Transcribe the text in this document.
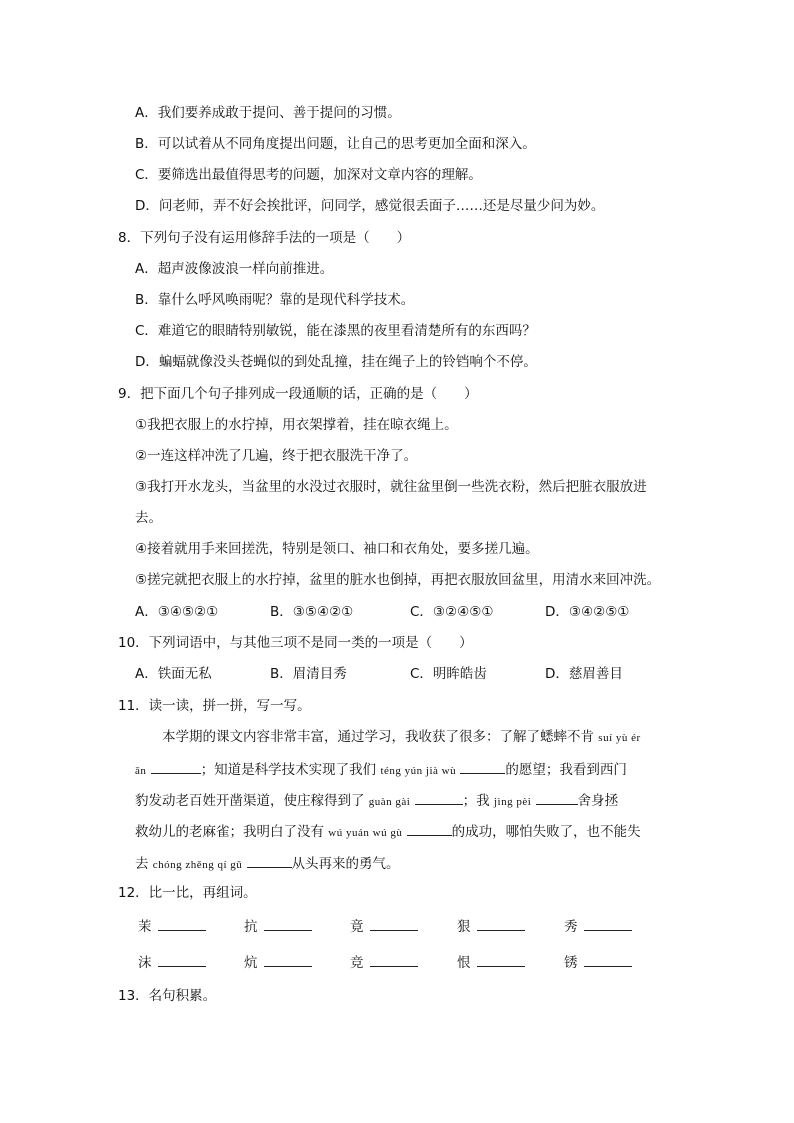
A．我们要养成敢于提问、善于提问的习惯。
B．可以试着从不同角度提出问题，让自己的思考更加全面和深入。
C．要筛选出最值得思考的问题，加深对文章内容的理解。
D．问老师，弄不好会挨批评，问同学，感觉很丢面子……还是尽量少问为妙。
8．下列句子没有运用修辞手法的一项是（　　）
A．超声波像波浪一样向前推进。
B．靠什么呼风唤雨呢？靠的是现代科学技术。
C．难道它的眼睛特别敏锐，能在漆黑的夜里看清楚所有的东西吗？
D．蝙蝠就像没头苍蝇似的到处乱撞，挂在绳子上的铃铛响个不停。
9．把下面几个句子排列成一段通顺的话，正确的是（　　）
①我把衣服上的水拧掉，用衣架撑着，挂在晾衣绳上。
②一连这样冲洗了几遍，终于把衣服洗干净了。
③我打开水龙头，当盆里的水没过衣服时，就往盆里倒一些洗衣粉，然后把脏衣服放进
去。
④接着就用手来回搓洗，特别是领口、袖口和衣角处，要多搓几遍。
⑤搓完就把衣服上的水拧掉，盆里的脏水也倒掉，再把衣服放回盆里，用清水来回冲洗。
A．③④⑤②①	B．③⑤④②①	C．③②④⑤①	D．③④②⑤①
10．下列词语中，与其他三项不是同一类的一项是（　　）
A．铁面无私	B．眉清目秀	C．明眸皓齿	D．慈眉善目
11．读一读，拼一拼，写一写。
本学期的课文内容非常丰富，通过学习，我收获了很多：了解了蟋蟀不肯 suí yù ér
ān	；知道是科学技术实现了我们 téng yún jià wù	的愿望；我看到西门
豹发动老百姓开凿渠道，使庄稼得到了 guàn gài	；我 jìng pèi	舍身拯
救幼儿的老麻雀；我明白了没有 wú yuán wú gù	的成功，哪怕失败了，也不能失
去 chóng zhěng qí gǔ	从头再来的勇气。
12．比一比，再组词。
茉	抗	竟	狠	秀
沫	炕	竞	恨	锈
13．名句积累。
